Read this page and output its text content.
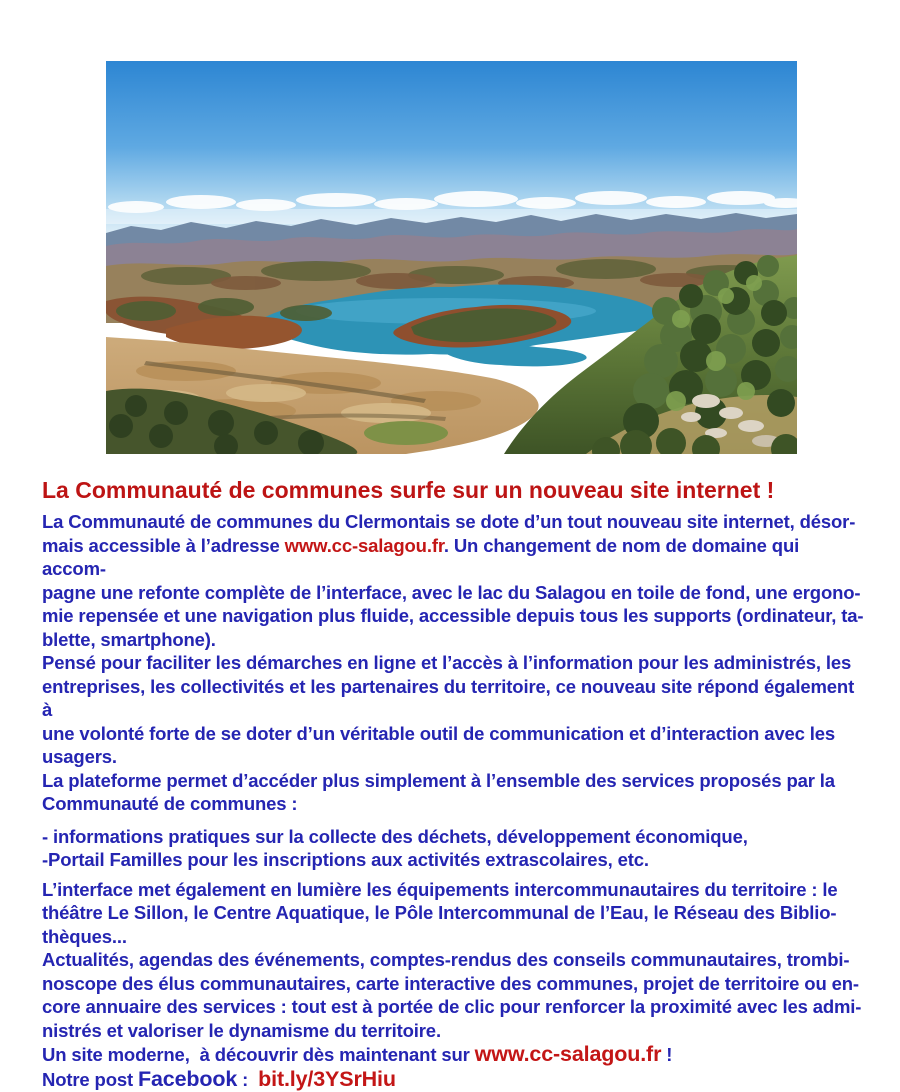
La Communauté de communes surfe sur un nouveau site internet !
La Communauté de communes du Clermontais se dote d’un tout nouveau site internet, désor-
mais accessible à l’adresse www.cc-salagou.fr. Un changement de nom de domaine qui accom-
pagne une refonte complète de l’interface, avec le lac du Salagou en toile de fond, une ergono-
mie repensée et une navigation plus fluide, accessible depuis tous les supports (ordinateur, ta-
blette, smartphone).
Pensé pour faciliter les démarches en ligne et l’accès à l’information pour les administrés, les
entreprises, les collectivités et les partenaires du territoire, ce nouveau site répond également à
une volonté forte de se doter d’un véritable outil de communication et d’interaction avec les
usagers.
La plateforme permet d’accéder plus simplement à l’ensemble des services proposés par la
Communauté de communes :
- informations pratiques sur la collecte des déchets, développement économique,
-Portail Familles pour les inscriptions aux activités extrascolaires, etc.
L’interface met également en lumière les équipements intercommunautaires du territoire : le
théâtre Le Sillon, le Centre Aquatique, le Pôle Intercommunal de l’Eau, le Réseau des Biblio-
thèques...
Actualités, agendas des événements, comptes-rendus des conseils communautaires, trombi-
noscope des élus communautaires, carte interactive des communes, projet de territoire ou en-
core annuaire des services : tout est à portée de clic pour renforcer la proximité avec les admi-
nistrés et valoriser le dynamisme du territoire.
Un site moderne,  à découvrir dès maintenant sur www.cc-salagou.fr !
Notre post Facebook :  bit.ly/3YSrHiu
